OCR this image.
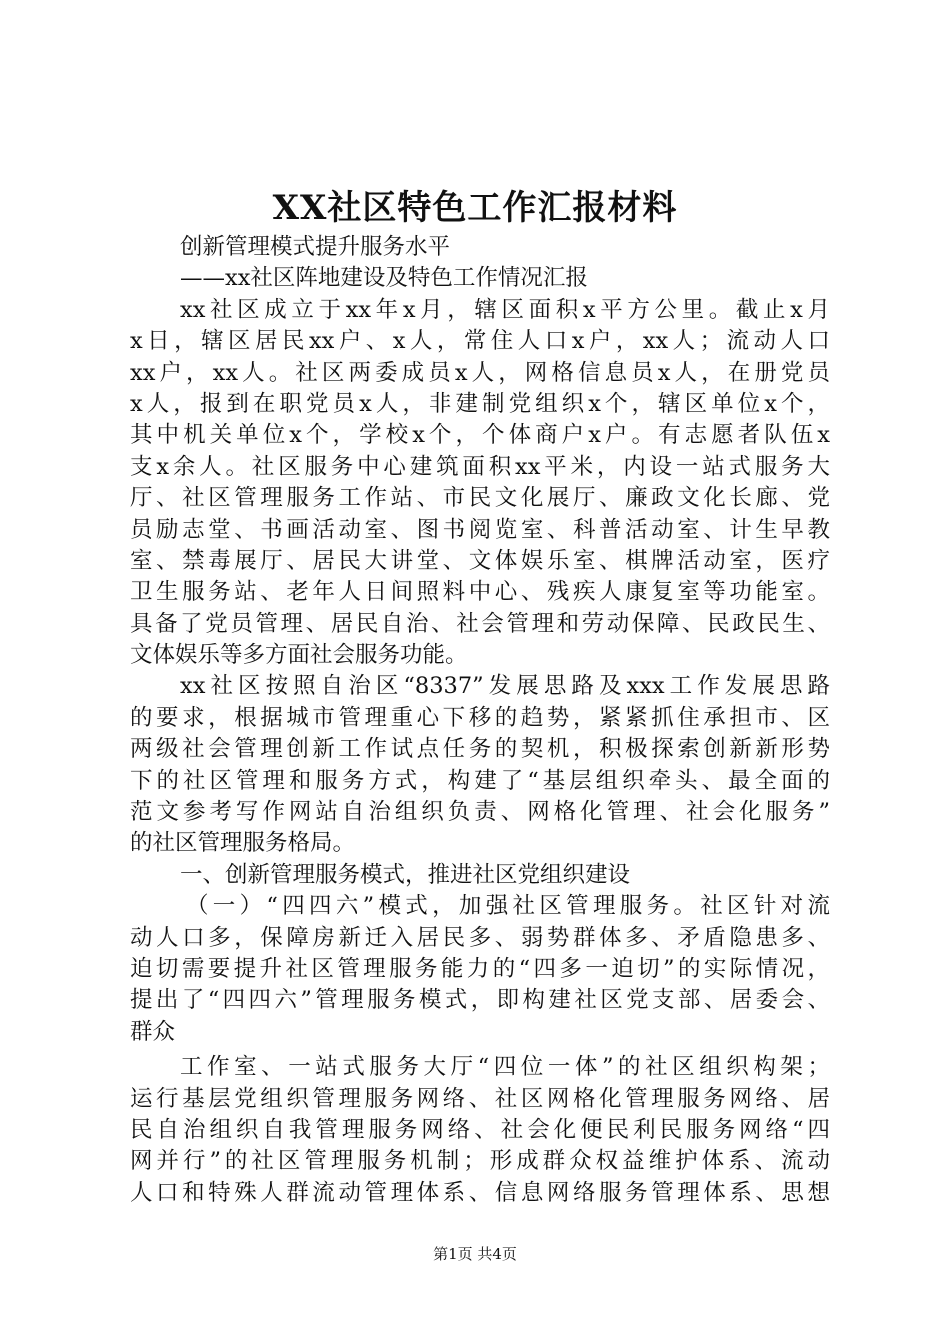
XX社区特色工作汇报材料
创新管理模式提升服务水平
——xx社区阵地建设及特色工作情况汇报
xx社区成立于xx年x月，辖区面积x平方公里。截止x月
x日，辖区居民xx户、x人，常住人口x户，xx人；流动人口
xx户，xx人。社区两委成员x人，网格信息员x人，在册党员
x人，报到在职党员x人，非建制党组织x个，辖区单位x个，
其中机关单位x个，学校x个，个体商户x户。有志愿者队伍x
支x余人。社区服务中心建筑面积xx平米，内设一站式服务大
厅、社区管理服务工作站、市民文化展厅、廉政文化长廊、党
员励志堂、书画活动室、图书阅览室、科普活动室、计生早教
室、禁毒展厅、居民大讲堂、文体娱乐室、棋牌活动室，医疗
卫生服务站、老年人日间照料中心、残疾人康复室等功能室。
具备了党员管理、居民自治、社会管理和劳动保障、民政民生、
文体娱乐等多方面社会服务功能。
xx社区按照自治区“8337”发展思路及xxx工作发展思路
的要求，根据城市管理重心下移的趋势，紧紧抓住承担市、区
两级社会管理创新工作试点任务的契机，积极探索创新新形势
下的社区管理和服务方式，构建了“基层组织牵头、最全面的
范文参考写作网站自治组织负责、网格化管理、社会化服务”
的社区管理服务格局。
一、创新管理服务模式，推进社区党组织建设
（一）“四四六”模式，加强社区管理服务。社区针对流
动人口多，保障房新迁入居民多、弱势群体多、矛盾隐患多、
迫切需要提升社区管理服务能力的“四多一迫切”的实际情况，
提出了“四四六”管理服务模式，即构建社区党支部、居委会、
群众
工作室、一站式服务大厅“四位一体”的社区组织构架；
运行基层党组织管理服务网络、社区网格化管理服务网络、居
民自治组织自我管理服务网络、社会化便民利民服务网络“四
网并行”的社区管理服务机制；形成群众权益维护体系、流动
人口和特殊人群流动管理体系、信息网络服务管理体系、思想
第1页 共4页
